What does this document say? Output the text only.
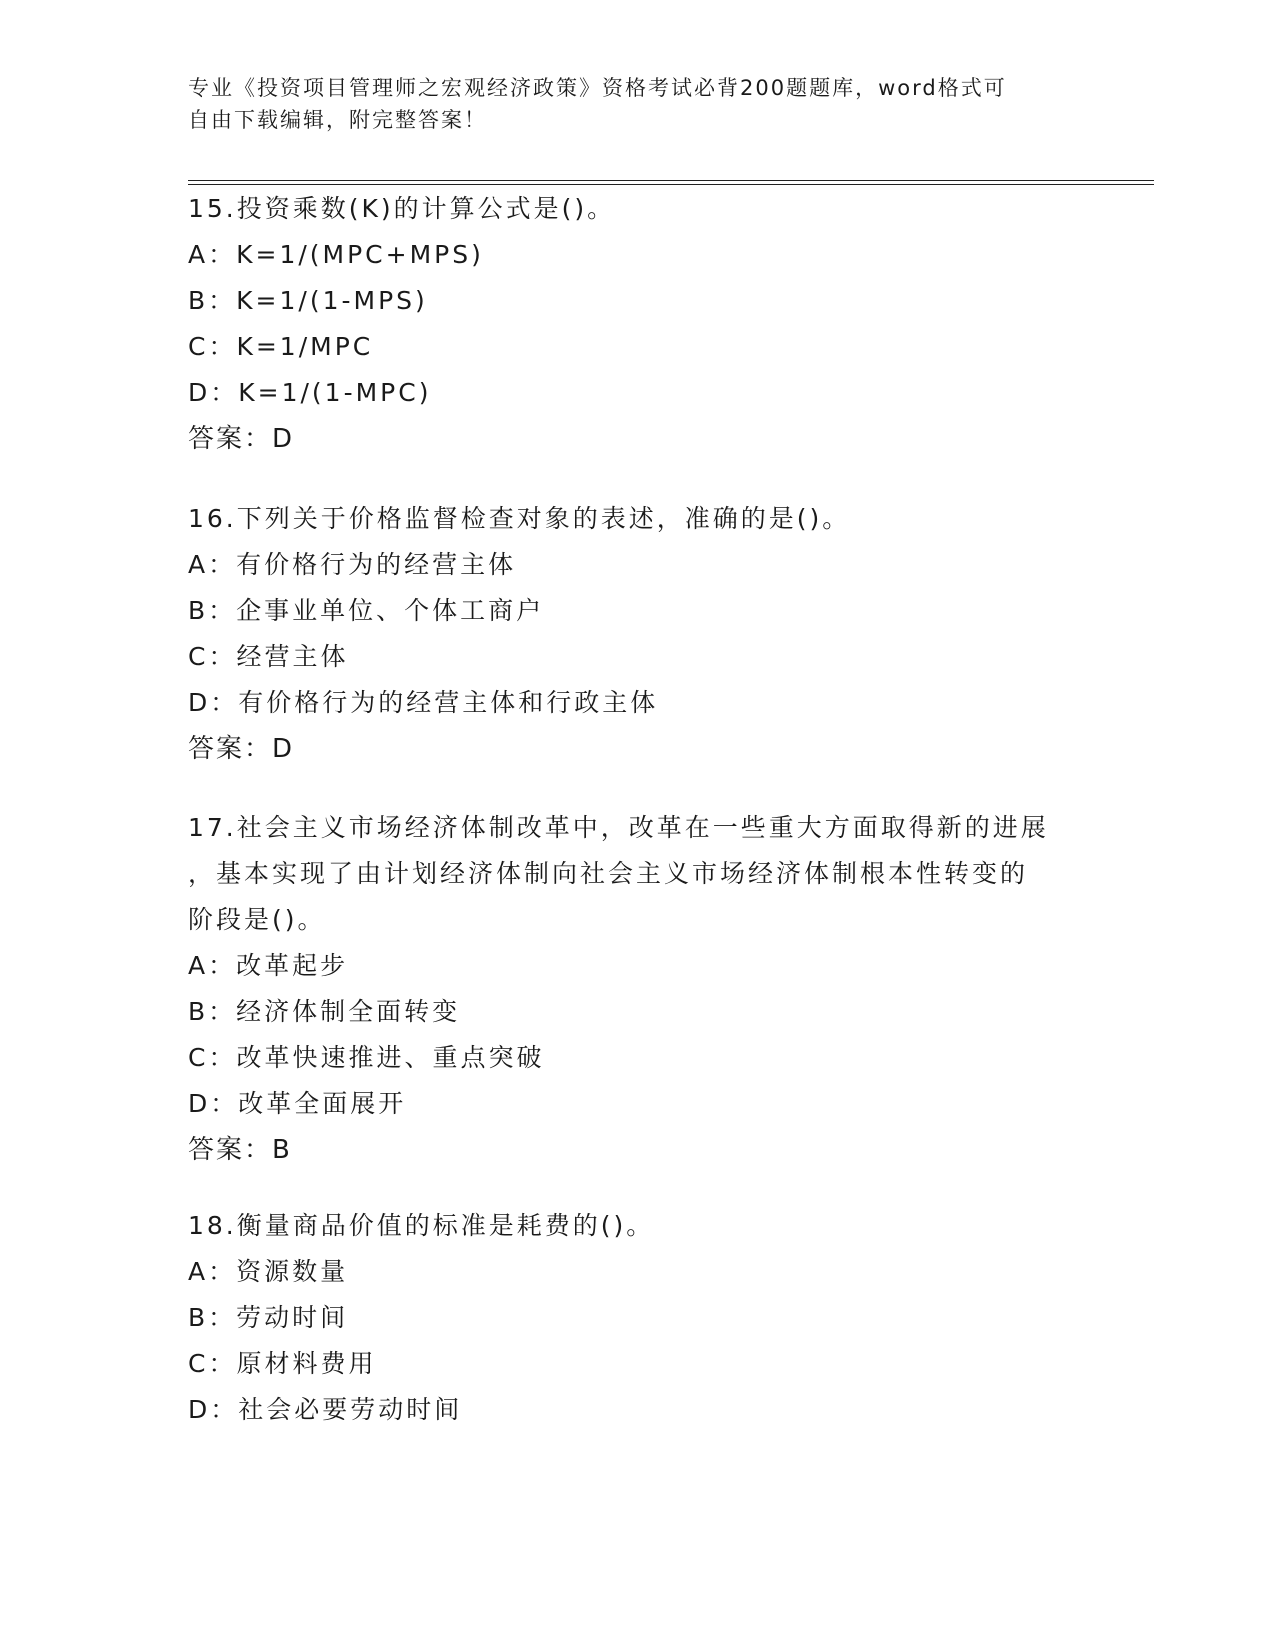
专业《投资项目管理师之宏观经济政策》资格考试必背200题题库，word格式可
自由下载编辑，附完整答案！
15.投资乘数(K)的计算公式是()。
A：K=1/(MPC+MPS)
B：K=1/(1-MPS)
C：K=1/MPC
D：K=1/(1-MPC)
答案：D
16.下列关于价格监督检查对象的表述，准确的是()。
A：有价格行为的经营主体
B：企事业单位、个体工商户
C：经营主体
D：有价格行为的经营主体和行政主体
答案：D
17.社会主义市场经济体制改革中，改革在一些重大方面取得新的进展
，基本实现了由计划经济体制向社会主义市场经济体制根本性转变的
阶段是()。
A：改革起步
B：经济体制全面转变
C：改革快速推进、重点突破
D：改革全面展开
答案：B
18.衡量商品价值的标准是耗费的()。
A：资源数量
B：劳动时间
C：原材料费用
D：社会必要劳动时间
